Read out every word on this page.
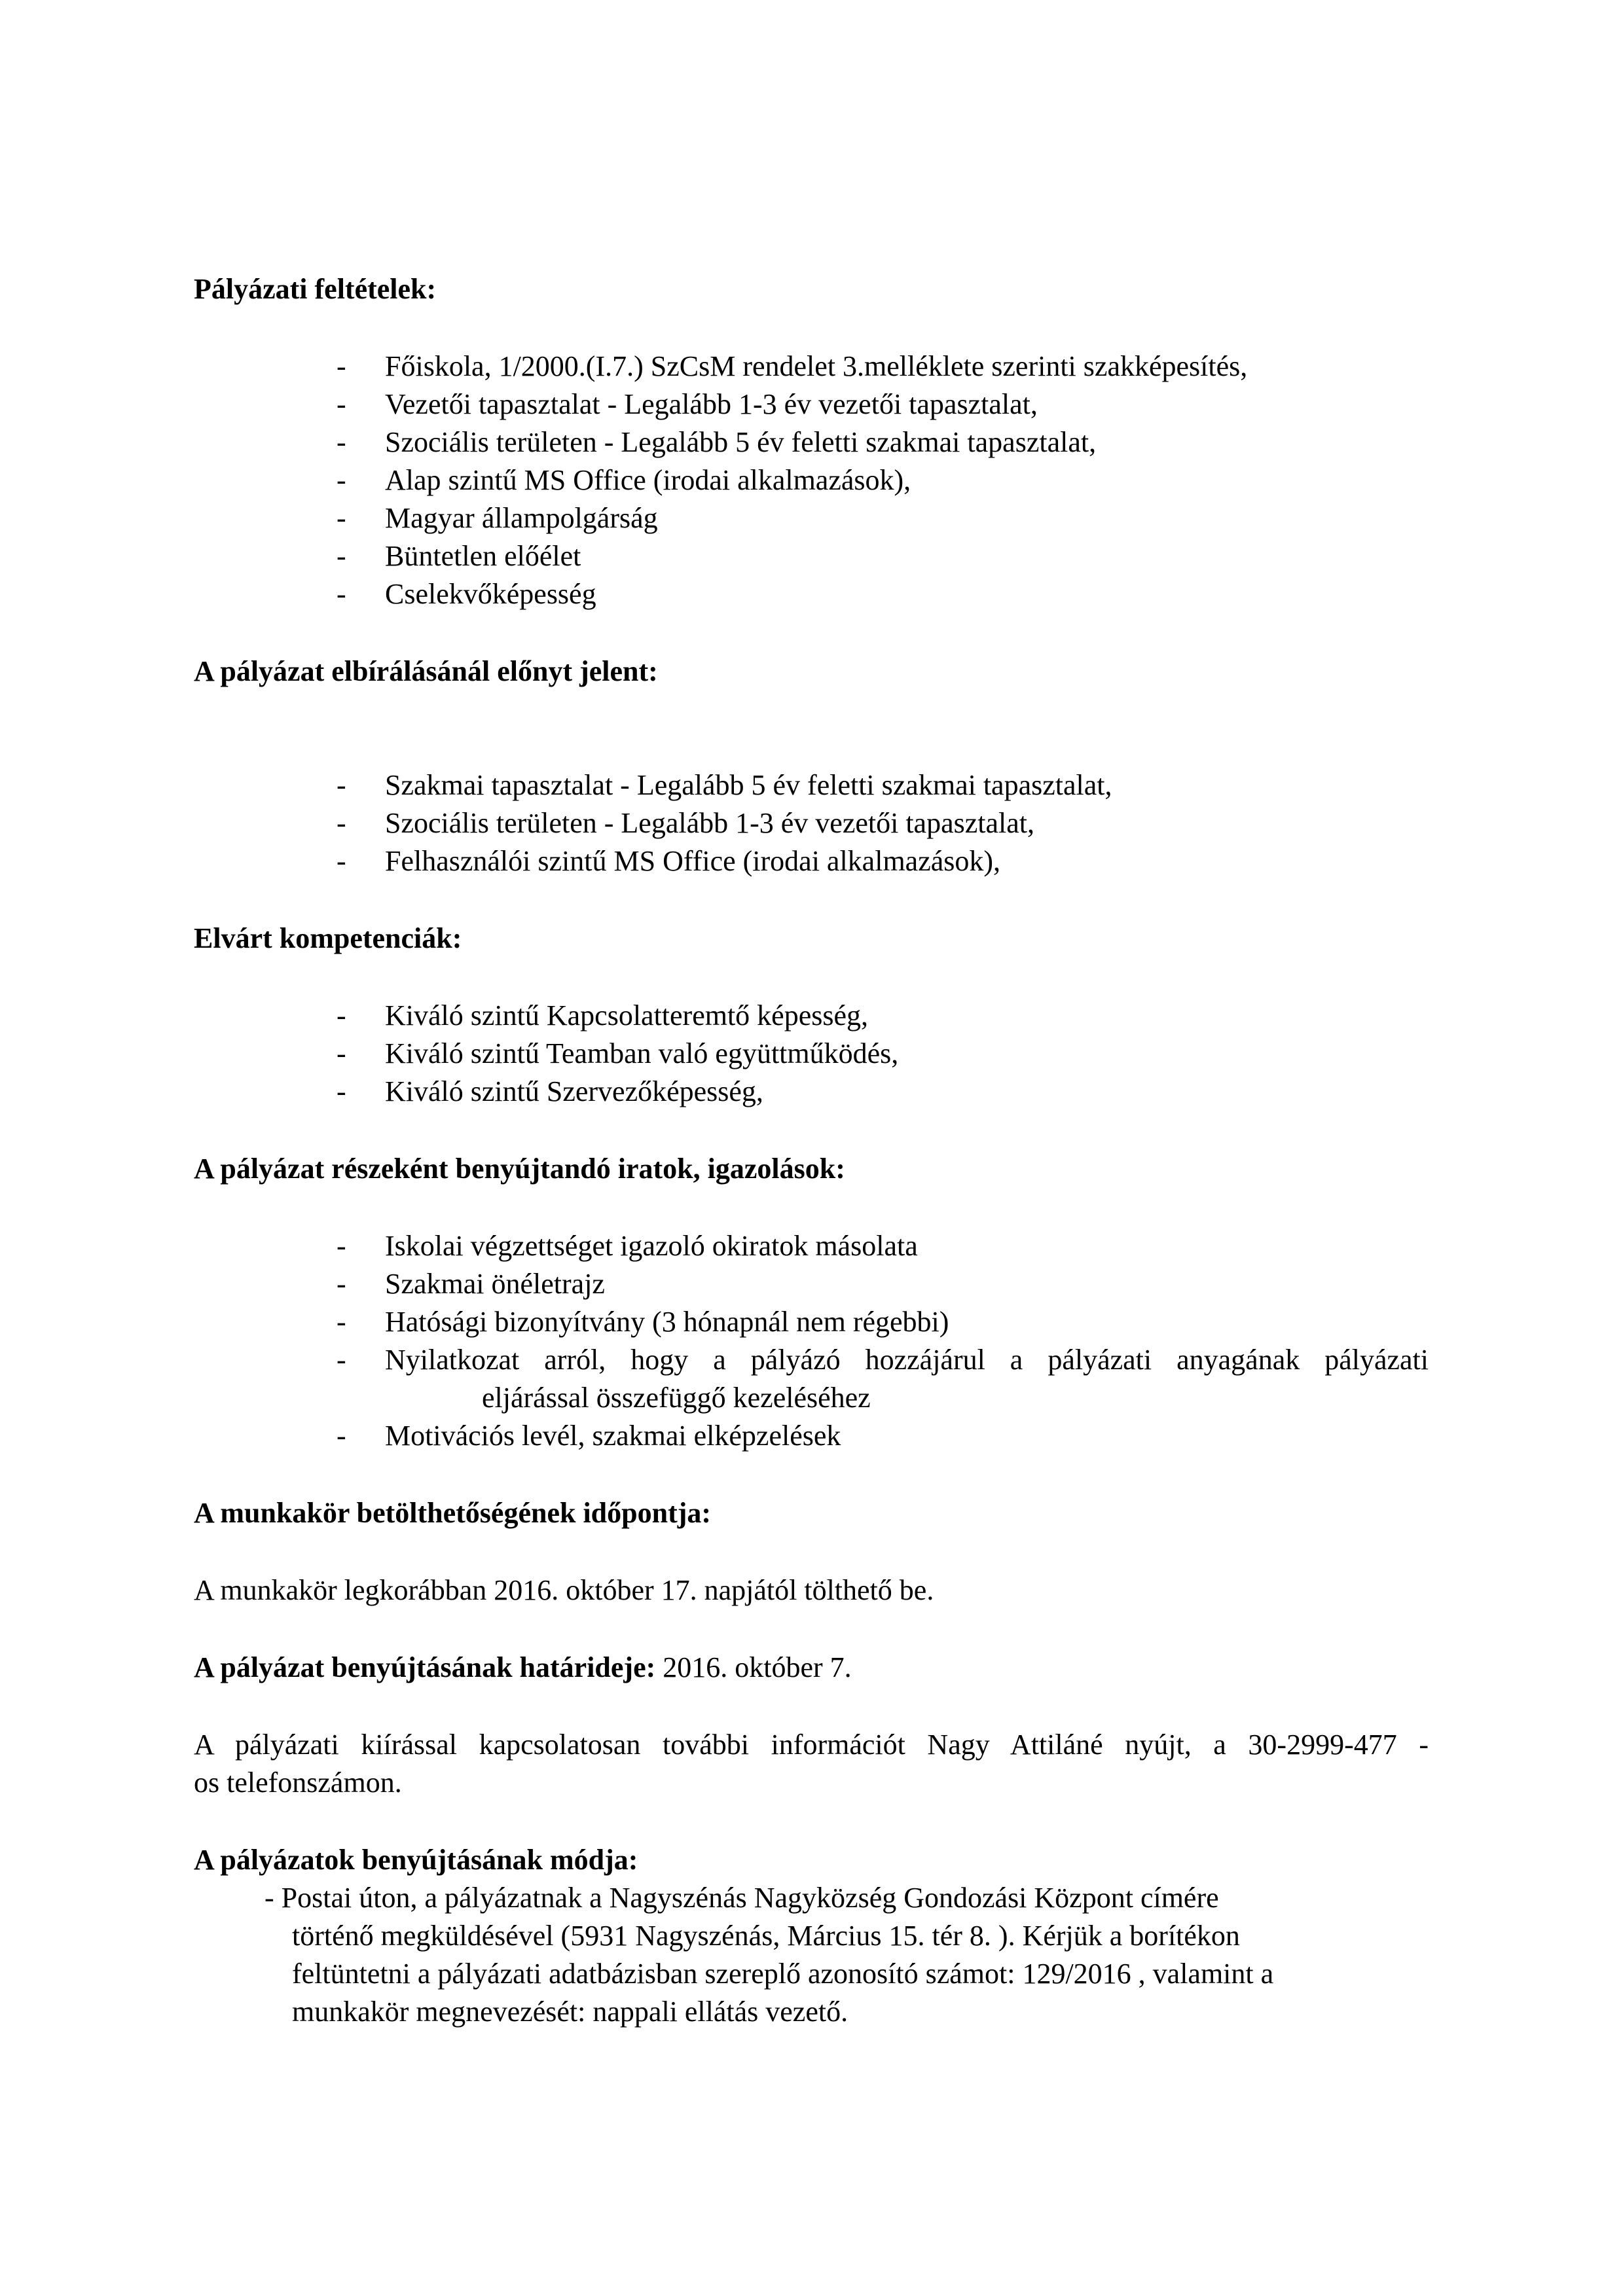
Pályázati feltételek:
- Főiskola, 1/2000.(I.7.) SzCsM rendelet 3.melléklete szerinti szakképesítés,
- Vezetői tapasztalat - Legalább 1-3 év vezetői tapasztalat,
- Szociális területen - Legalább 5 év feletti szakmai tapasztalat,
- Alap szintű MS Office (irodai alkalmazások),
- Magyar állampolgárság
- Büntetlen előélet
- Cselekvőképesség
A pályázat elbírálásánál előnyt jelent:
- Szakmai tapasztalat - Legalább 5 év feletti szakmai tapasztalat,
- Szociális területen - Legalább 1-3 év vezetői tapasztalat,
- Felhasználói szintű MS Office (irodai alkalmazások),
Elvárt kompetenciák:
- Kiváló szintű Kapcsolatteremtő képesség,
- Kiváló szintű Teamban való együttműködés,
- Kiváló szintű Szervezőképesség,
A pályázat részeként benyújtandó iratok, igazolások:
- Iskolai végzettséget igazoló okiratok másolata
- Szakmai önéletrajz
- Hatósági bizonyítvány (3 hónapnál nem régebbi)
- Nyilatkozat arról, hogy a pályázó hozzájárul a pályázati anyagának pályázati
eljárással összefüggő kezeléséhez
- Motivációs levél, szakmai elképzelések
A munkakör betölthetőségének időpontja:
A munkakör legkorábban 2016. október 17. napjától tölthető be.
A pályázat benyújtásának határideje: 2016. október 7.
A pályázati kiírással kapcsolatosan további információt Nagy Attiláné nyújt, a 30-2999-477 -
os telefonszámon.
A pályázatok benyújtásának módja:
- Postai úton, a pályázatnak a Nagyszénás Nagyközség Gondozási Központ címére
történő megküldésével (5931 Nagyszénás, Március 15. tér 8. ). Kérjük a borítékon
feltüntetni a pályázati adatbázisban szereplő azonosító számot: 129/2016 , valamint a
munkakör megnevezését: nappali ellátás vezető.
